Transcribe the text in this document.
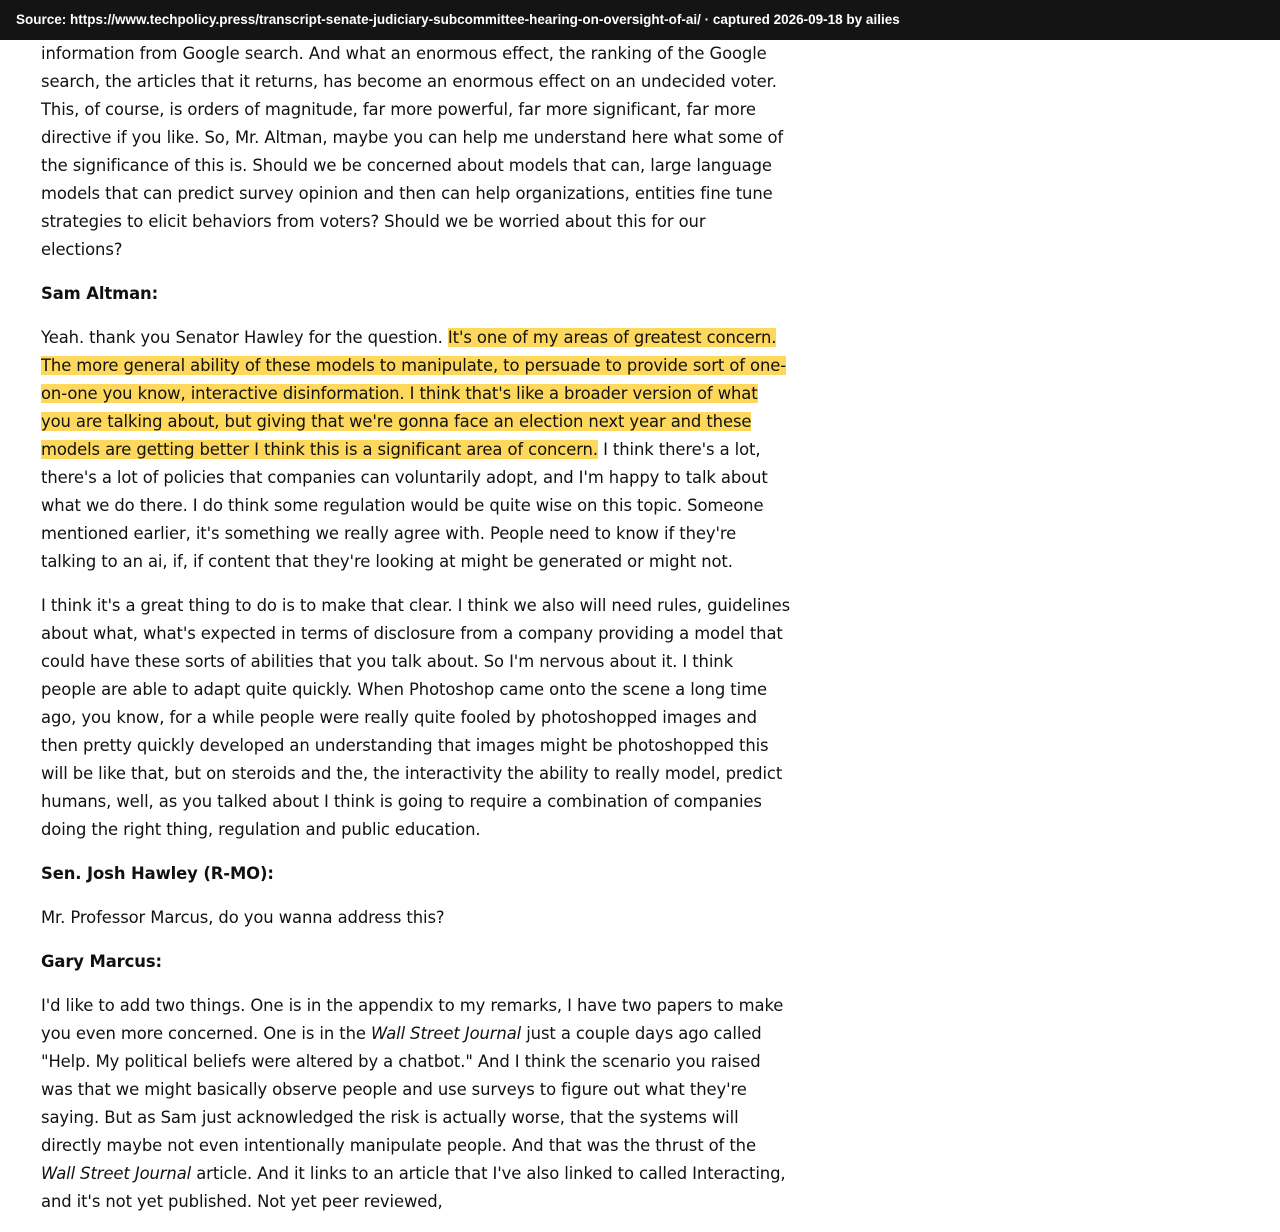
Source: https://www.techpolicy.press/transcript-senate-judiciary-subcommittee-hearing-on-oversight-of-ai/ · captured 2026-09-18 by ailies

information from Google search. And what an enormous effect, the ranking of the Google search, the articles that it returns, has become an enormous effect on an undecided voter. This, of course, is orders of magnitude, far more powerful, far more significant, far more directive if you like. So, Mr. Altman, maybe you can help me understand here what some of the significance of this is. Should we be concerned about models that can, large language models that can predict survey opinion and then can help organizations, entities fine tune strategies to elicit behaviors from voters? Should we be worried about this for our elections?

Sam Altman:

Yeah. thank you Senator Hawley for the question. It's one of my areas of greatest concern. The more general ability of these models to manipulate, to persuade to provide sort of one-on-one you know, interactive disinformation. I think that's like a broader version of what you are talking about, but giving that we're gonna face an election next year and these models are getting better I think this is a significant area of concern. I think there's a lot, there's a lot of policies that companies can voluntarily adopt, and I'm happy to talk about what we do there. I do think some regulation would be quite wise on this topic. Someone mentioned earlier, it's something we really agree with. People need to know if they're talking to an ai, if, if content that they're looking at might be generated or might not.

I think it's a great thing to do is to make that clear. I think we also will need rules, guidelines about what, what's expected in terms of disclosure from a company providing a model that could have these sorts of abilities that you talk about. So I'm nervous about it. I think people are able to adapt quite quickly. When Photoshop came onto the scene a long time ago, you know, for a while people were really quite fooled by photoshopped images and then pretty quickly developed an understanding that images might be photoshopped this will be like that, but on steroids and the, the interactivity the ability to really model, predict humans, well, as you talked about I think is going to require a combination of companies doing the right thing, regulation and public education.

Sen. Josh Hawley (R-MO):

Mr. Professor Marcus, do you wanna address this?

Gary Marcus:

I'd like to add two things. One is in the appendix to my remarks, I have two papers to make you even more concerned. One is in the Wall Street Journal just a couple days ago called "Help. My political beliefs were altered by a chatbot." And I think the scenario you raised was that we might basically observe people and use surveys to figure out what they're saying. But as Sam just acknowledged the risk is actually worse, that the systems will directly maybe not even intentionally manipulate people. And that was the thrust of the Wall Street Journal article. And it links to an article that I've also linked to called Interacting, and it's not yet published. Not yet peer reviewed,
